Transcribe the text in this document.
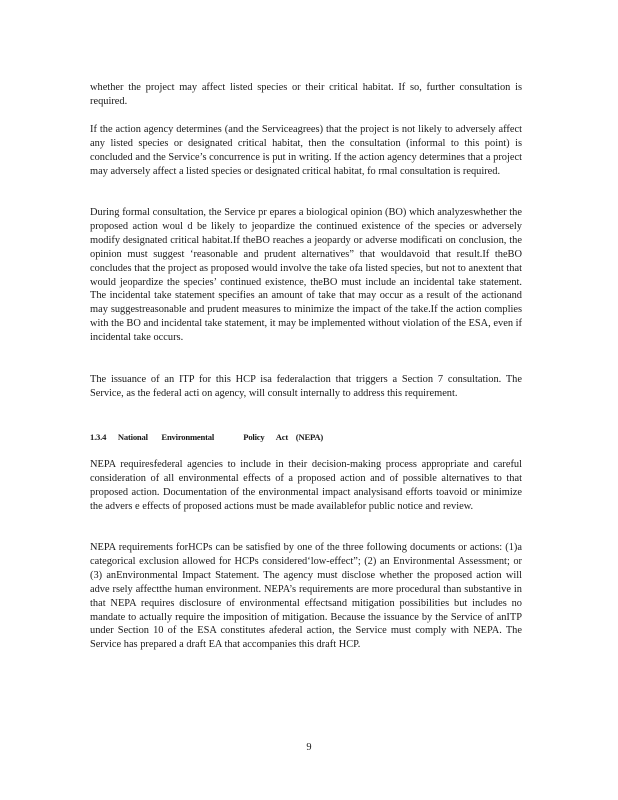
whether the project may affect listed species or their critical habitat. If so, further consultation is required.

If the action agency determines (and the Serviceagrees) that the project is not likely to adversely affect any listed species or designated critical habitat, then the consultation (informal to this point) is concluded and the Service’s concurrence is put in writing. If the action agency determines that a project may adversely affect a listed species or designated critical habitat, fo rmal consultation is required.

During formal consultation, the Service pr epares a biological opinion (BO) which analyzeswhether the proposed action woul d be likely to jeopardize the continued existence of the species or adversely modify designated critical habitat.If theBO reaches a jeopardy or adverse modificati on conclusion, the opinion must suggest ‘reasonable and prudent alternatives” that wouldavoid that result.If theBO concludes that the project as proposed would involve the take ofa listed species, but not to anextent that would jeopardize the species’ continued existence, theBO must include an incidental take statement. The incidental take statement specifies an amount of take that may occur as a result of the actionand may suggestreasonable and prudent measures to minimize the impact of the take.If the action complies with the BO and incidental take statement, it may be implemented without violation of the ESA, even if incidental take occurs.

The issuance of an ITP for this HCP isa federalaction that triggers a Section 7 consultation. The Service, as the federal acti on agency, will consult internally to address this requirement.

1.3.4      National       Environmental               Policy      Act    (NEPA)

NEPA requiresfederal agencies to include in their decision-making process appropriate and careful consideration of all environmental effects of a proposed action and of possible alternatives to that proposed action. Documentation of the environmental impact analysisand efforts toavoid or minimize the advers e effects of proposed actions must be made availablefor public notice and review.

NEPA requirements forHCPs can be satisfied by one of the three following documents or actions: (1)a categorical exclusion allowed for HCPs considered‘low-effect”; (2) an Environmental Assessment; or (3) anEnvironmental Impact Statement. The agency must disclose whether the proposed action will adve rsely affectthe human environment. NEPA’s requirements are more procedural than substantive in that NEPA requires disclosure of environmental effectsand mitigation possibilities but includes no mandate to actually require the imposition of mitigation. Because the issuance by the Service of anITP under Section 10 of the ESA constitutes afederal action, the Service must comply with NEPA. The Service has prepared a draft EA that accompanies this draft HCP.

9
